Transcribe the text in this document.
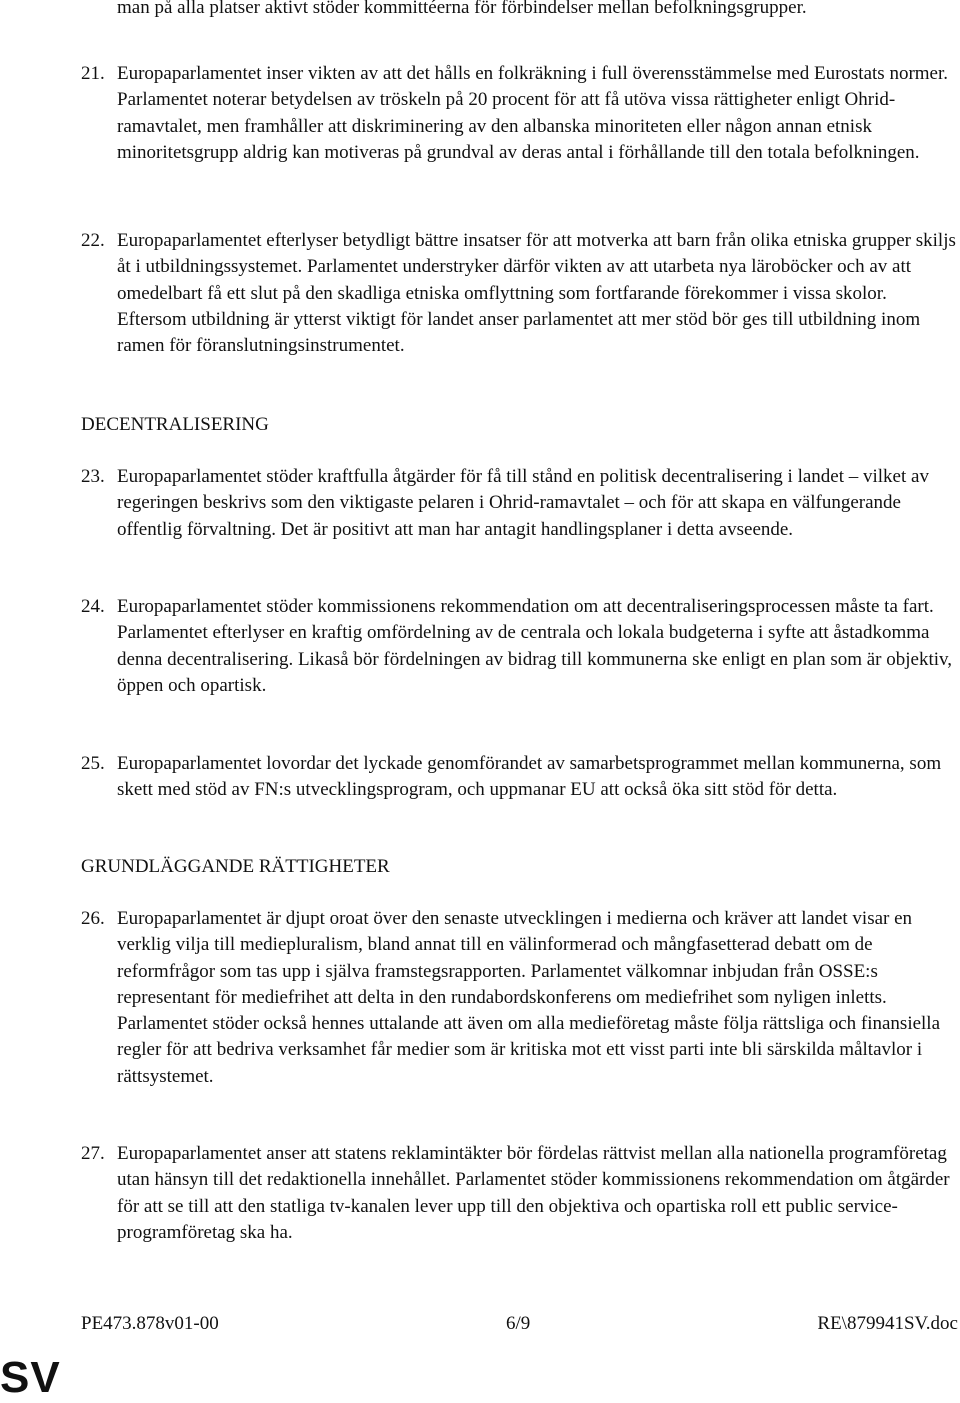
man på alla platser aktivt stöder kommittéerna för förbindelser mellan befolkningsgrupper.

21. Europaparlamentet inser vikten av att det hålls en folkräkning i full överensstämmelse med Eurostats normer. Parlamentet noterar betydelsen av tröskeln på 20 procent för att få utöva vissa rättigheter enligt Ohrid-ramavtalet, men framhåller att diskriminering av den albanska minoriteten eller någon annan etnisk minoritetsgrupp aldrig kan motiveras på grundval av deras antal i förhållande till den totala befolkningen.
22. Europaparlamentet efterlyser betydligt bättre insatser för att motverka att barn från olika etniska grupper skiljs åt i utbildningssystemet. Parlamentet understryker därför vikten av att utarbeta nya läroböcker och av att omedelbart få ett slut på den skadliga etniska omflyttning som fortfarande förekommer i vissa skolor. Eftersom utbildning är ytterst viktigt för landet anser parlamentet att mer stöd bör ges till utbildning inom ramen för föranslutningsinstrumentet.
DECENTRALISERING
23. Europaparlamentet stöder kraftfulla åtgärder för få till stånd en politisk decentralisering i landet – vilket av regeringen beskrivs som den viktigaste pelaren i Ohrid-ramavtalet – och för att skapa en välfungerande offentlig förvaltning. Det är positivt att man har antagit handlingsplaner i detta avseende.
24. Europaparlamentet stöder kommissionens rekommendation om att decentraliseringsprocessen måste ta fart. Parlamentet efterlyser en kraftig omfördelning av de centrala och lokala budgeterna i syfte att åstadkomma denna decentralisering. Likaså bör fördelningen av bidrag till kommunerna ske enligt en plan som är objektiv, öppen och opartisk.
25. Europaparlamentet lovordar det lyckade genomförandet av samarbetsprogrammet mellan kommunerna, som skett med stöd av FN:s utvecklingsprogram, och uppmanar EU att också öka sitt stöd för detta.
GRUNDLÄGGANDE RÄTTIGHETER
26. Europaparlamentet är djupt oroat över den senaste utvecklingen i medierna och kräver att landet visar en verklig vilja till mediepluralism, bland annat till en välinformerad och mångfasetterad debatt om de reformfrågor som tas upp i själva framstegsrapporten. Parlamentet välkomnar inbjudan från OSSE:s representant för mediefrihet att delta in den rundabordskonferens om mediefrihet som nyligen inletts. Parlamentet stöder också hennes uttalande att även om alla medieföretag måste följa rättsliga och finansiella regler för att bedriva verksamhet får medier som är kritiska mot ett visst parti inte bli särskilda måltavlor i rättsystemet.
27. Europaparlamentet anser att statens reklamintäkter bör fördelas rättvist mellan alla nationella programföretag utan hänsyn till det redaktionella innehållet. Parlamentet stöder kommissionens rekommendation om åtgärder för att se till att den statliga tv-kanalen lever upp till den objektiva och opartiska roll ett public service-programföretag ska ha.
PE473.878v01-00	6/9	RE\879941SV.doc
SV
